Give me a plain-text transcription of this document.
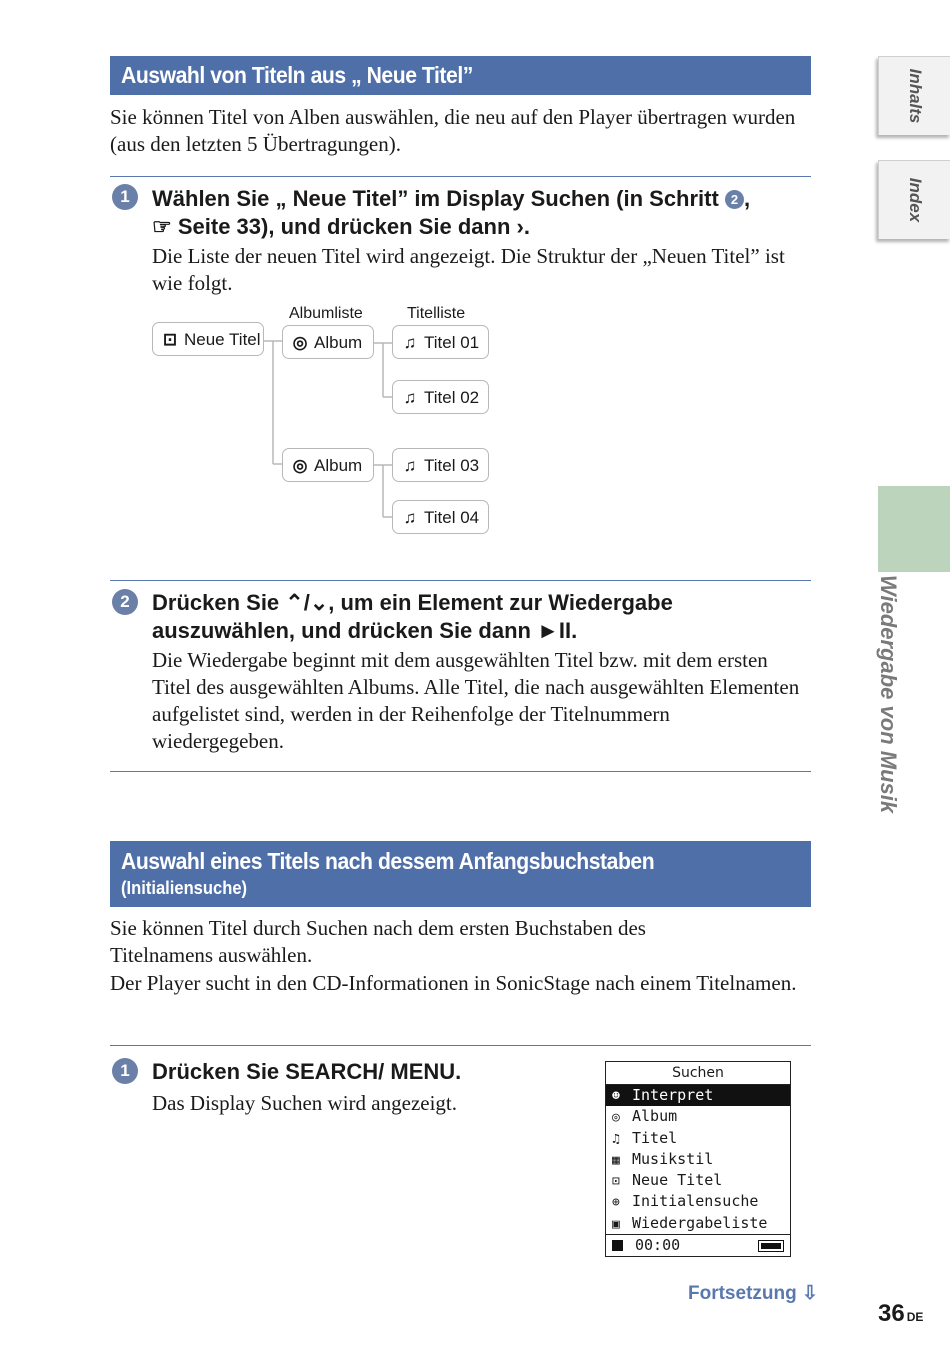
Auswahl von Titeln aus „ Neue Titel”
Sie können Titel von Alben auswählen, die neu auf den Player übertragen wurden (aus den letzten 5 Übertragungen).
1	Wählen Sie „ Neue Titel” im Display Suchen (in Schritt 2 ,
☞ Seite 33), und drücken Sie dann ›.
Die Liste der neuen Titel wird angezeigt. Die Struktur der „Neuen Titel” ist wie folgt.
Albumliste	Titelliste
⊡ Neue Titel	◎ Album
◎ Album
♫ Titel 01
♫ Titel 02
♫ Titel 03
♫ Titel 04
2	Drücken Sie ⌃/⌄, um ein Element zur Wiedergabe
auszuwählen, und drücken Sie dann ►II.
Die Wiedergabe beginnt mit dem ausgewählten Titel bzw. mit dem ersten Titel des ausgewählten Albums. Alle Titel, die nach ausgewählten Elementen aufgelistet sind, werden in der Reihenfolge der Titelnummern wiedergegeben.
Auswahl eines Titels nach dessem Anfangsbuchstaben
(Initialiensuche)
Sie können Titel durch Suchen nach dem ersten Buchstaben des Titelnamens auswählen.
Der Player sucht in den CD-Informationen in SonicStage nach einem Titelnamen.
1	Drücken Sie SEARCH/ MENU.
Das Display Suchen wird angezeigt.
Suchen
☻ Interpret
◎ Album
♫ Titel
▦ Musikstil
⊡ Neue Titel
⊕ Initialensuche
▣ Wiedergabeliste
00:00
Inhalts
Index
Wiedergabe von Musik
Fortsetzung ⇩
36 DE
